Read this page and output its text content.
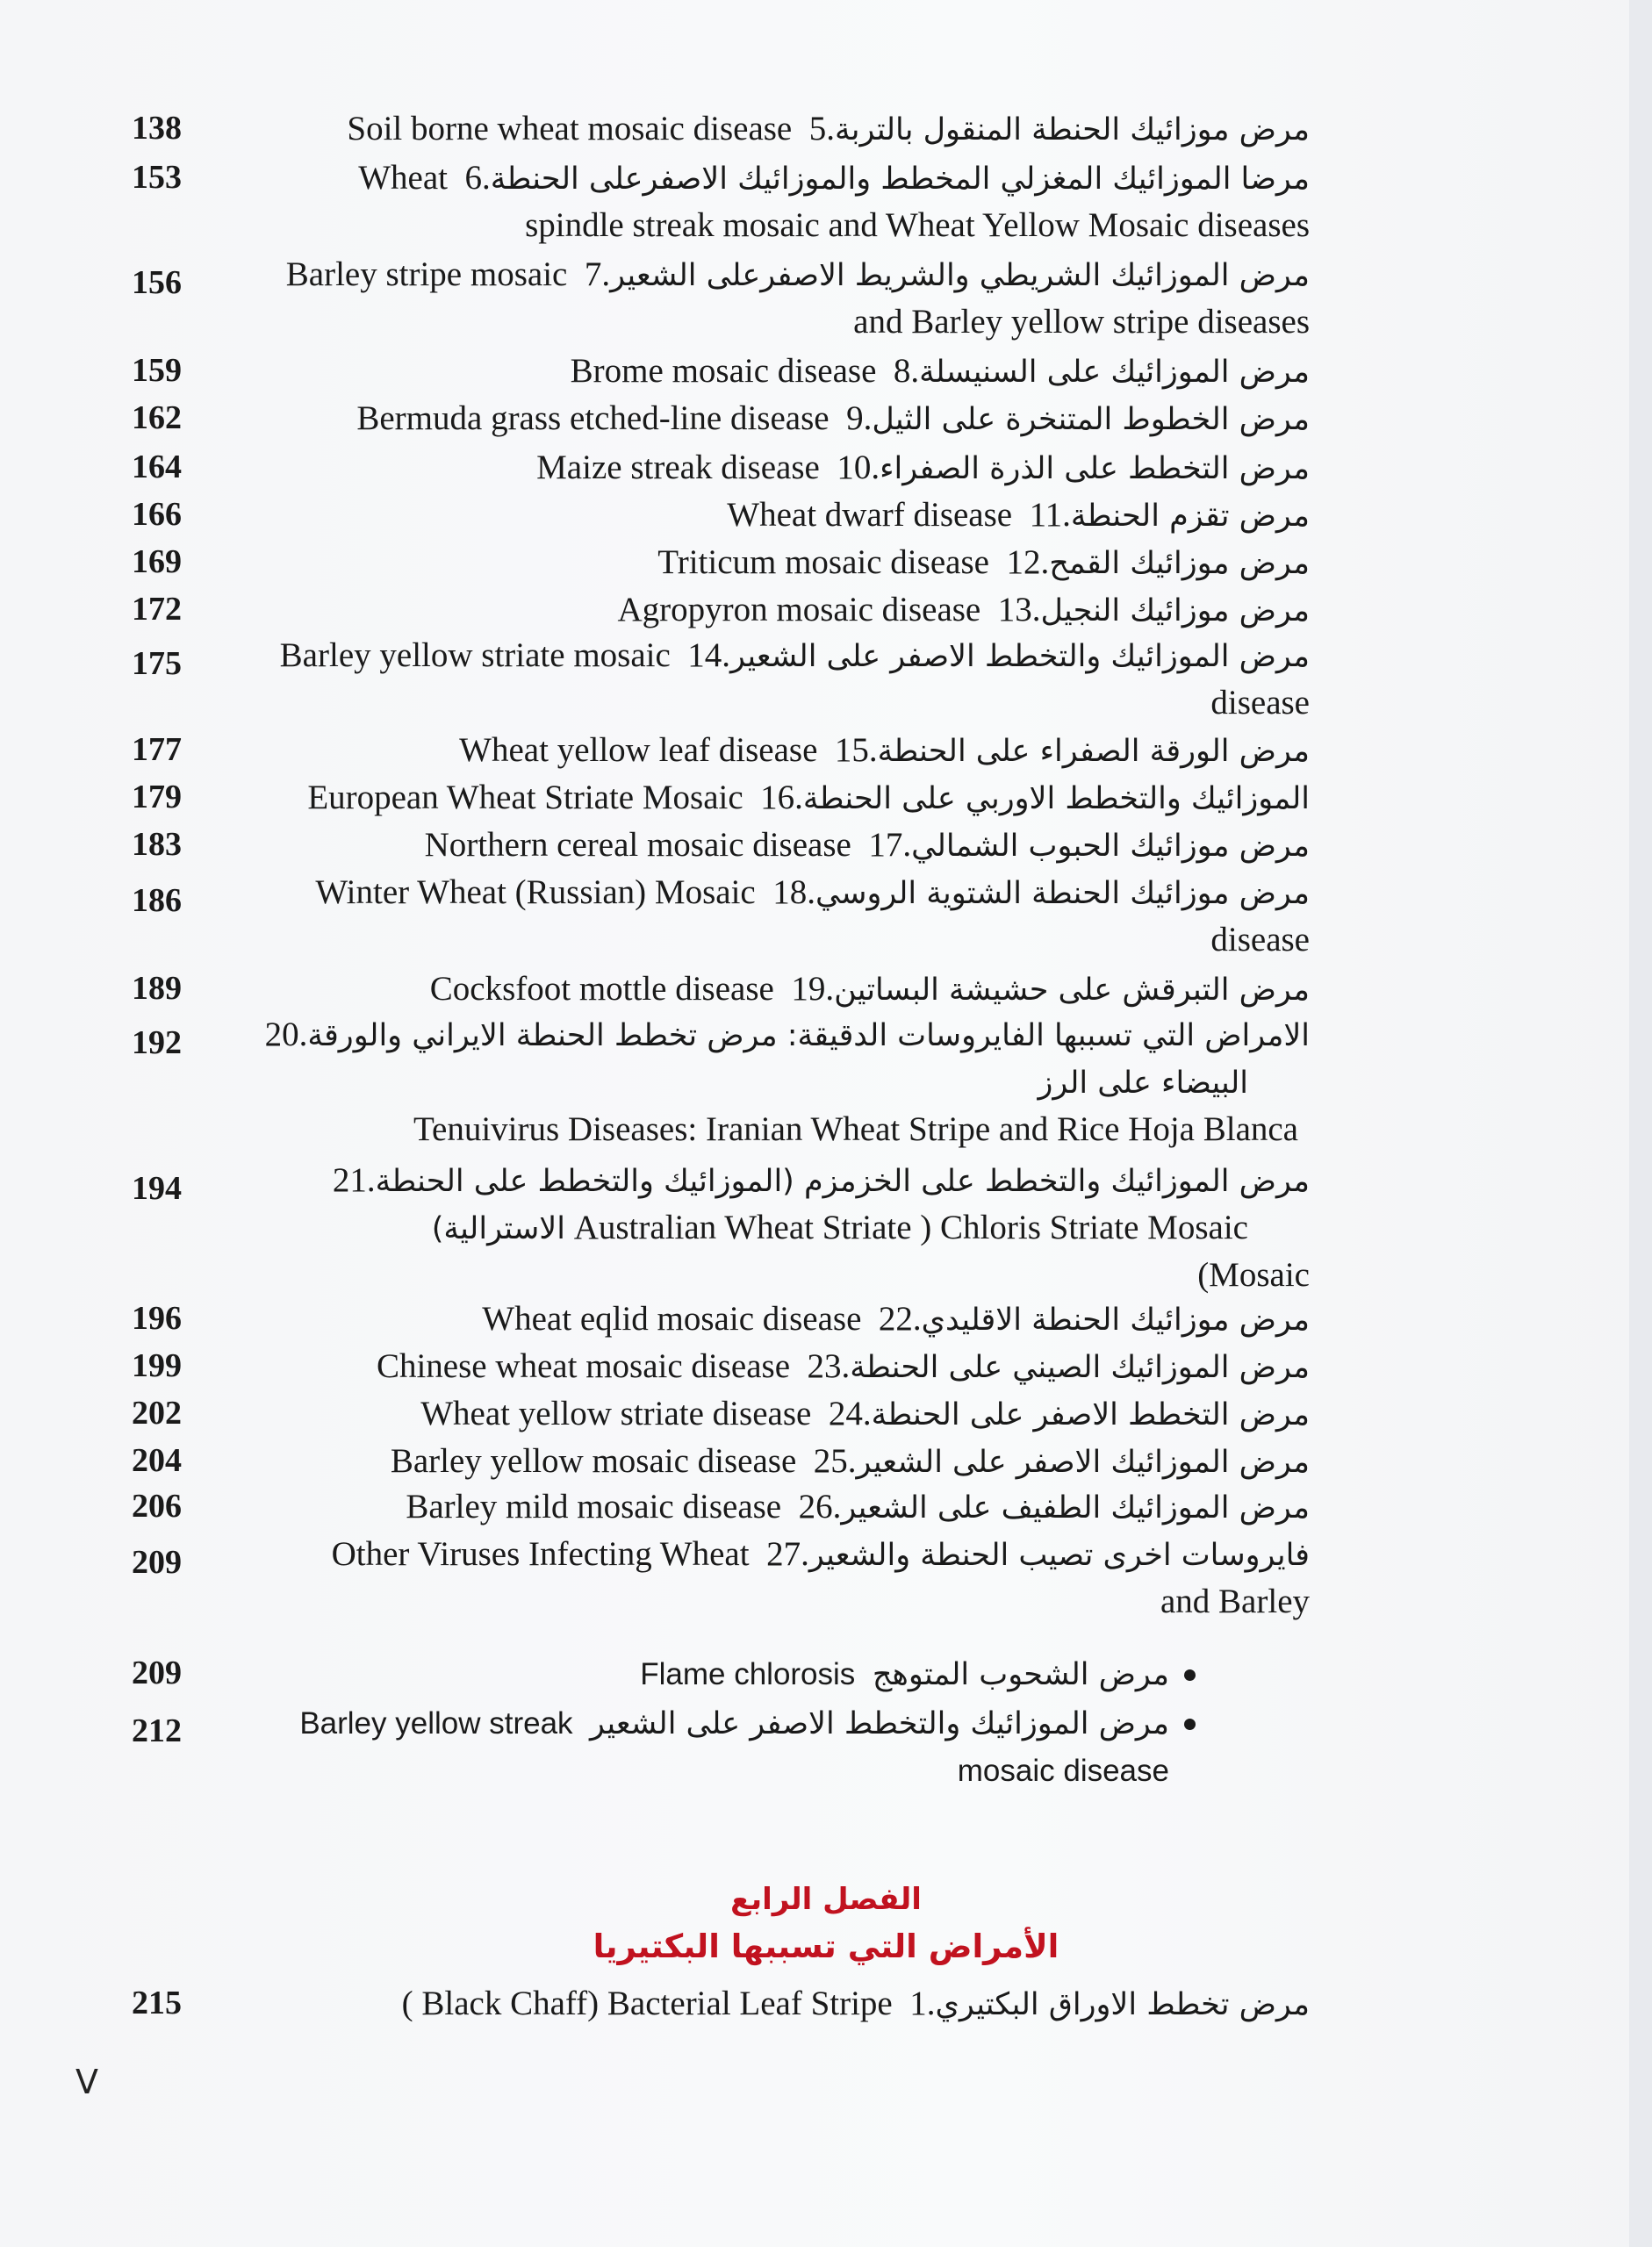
138	5.مرض موزائيك الحنطة المنقول بالتربة  Soil borne wheat mosaic disease
153	6.مرضا الموزائيك المغزلي المخطط والموزائيك الاصفرعلى الحنطة  Wheat
spindle streak mosaic and Wheat Yellow Mosaic diseases
156	7.مرض الموزائيك الشريطي والشريط الاصفرعلى الشعير  Barley stripe mosaic
and Barley yellow stripe diseases
159	8.مرض الموزائيك على السنيسلة  Brome mosaic disease
162	9.مرض الخطوط المتنخرة على الثيل  Bermuda grass etched-line disease
164	10.مرض التخطط على الذرة الصفراء  Maize streak disease
166	11.مرض تقزم الحنطة  Wheat dwarf disease
169	12.مرض موزائيك القمح  Triticum mosaic disease
172	13.مرض موزائيك النجيل  Agropyron mosaic disease
175	14.مرض الموزائيك والتخطط الاصفر على الشعير  Barley yellow striate mosaic
disease
177	15.مرض الورقة الصفراء على الحنطة  Wheat yellow leaf disease
179	16.الموزائيك والتخطط الاوربي على الحنطة  European Wheat Striate Mosaic
183	17.مرض موزائيك الحبوب الشمالي  Northern cereal mosaic disease
186	18.مرض موزائيك الحنطة الشتوية الروسي  Winter Wheat (Russian) Mosaic
disease
189	19.مرض التبرقش على حشيشة البساتين  Cocksfoot mottle disease
192	20.الامراض التي تسببها الفايروسات الدقيقة: مرض تخطط الحنطة الايراني والورقة
البيضاء على الرز
Tenuivirus Diseases: Iranian Wheat Stripe and Rice Hoja Blanca
194	21.مرض الموزائيك والتخطط على الخزمزم (الموزائيك والتخطط على الحنطة
الاسترالية) Australian Wheat Striate ) Chloris Striate Mosaic
(Mosaic
196	22.مرض موزائيك الحنطة الاقليدي  Wheat eqlid mosaic disease
199	23.مرض الموزائيك الصيني على الحنطة  Chinese wheat mosaic disease
202	24.مرض التخطط الاصفر على الحنطة  Wheat yellow striate disease
204	25.مرض الموزائيك الاصفر على الشعير  Barley yellow mosaic disease
206	26.مرض الموزائيك الطفيف على الشعير  Barley mild mosaic disease
209	27.فايروسات اخرى تصيب الحنطة والشعير  Other Viruses Infecting Wheat
and Barley
209	مرض الشحوب المتوهج  Flame chlorosis
212	مرض الموزائيك والتخطط الاصفر على الشعير  Barley yellow streak
mosaic disease
215	1.مرض تخطط الاوراق البكتيري  ( Black Chaff) Bacterial Leaf Stripe
الفصل الرابع
الأمراض التي تسببها البكتيريا
V
